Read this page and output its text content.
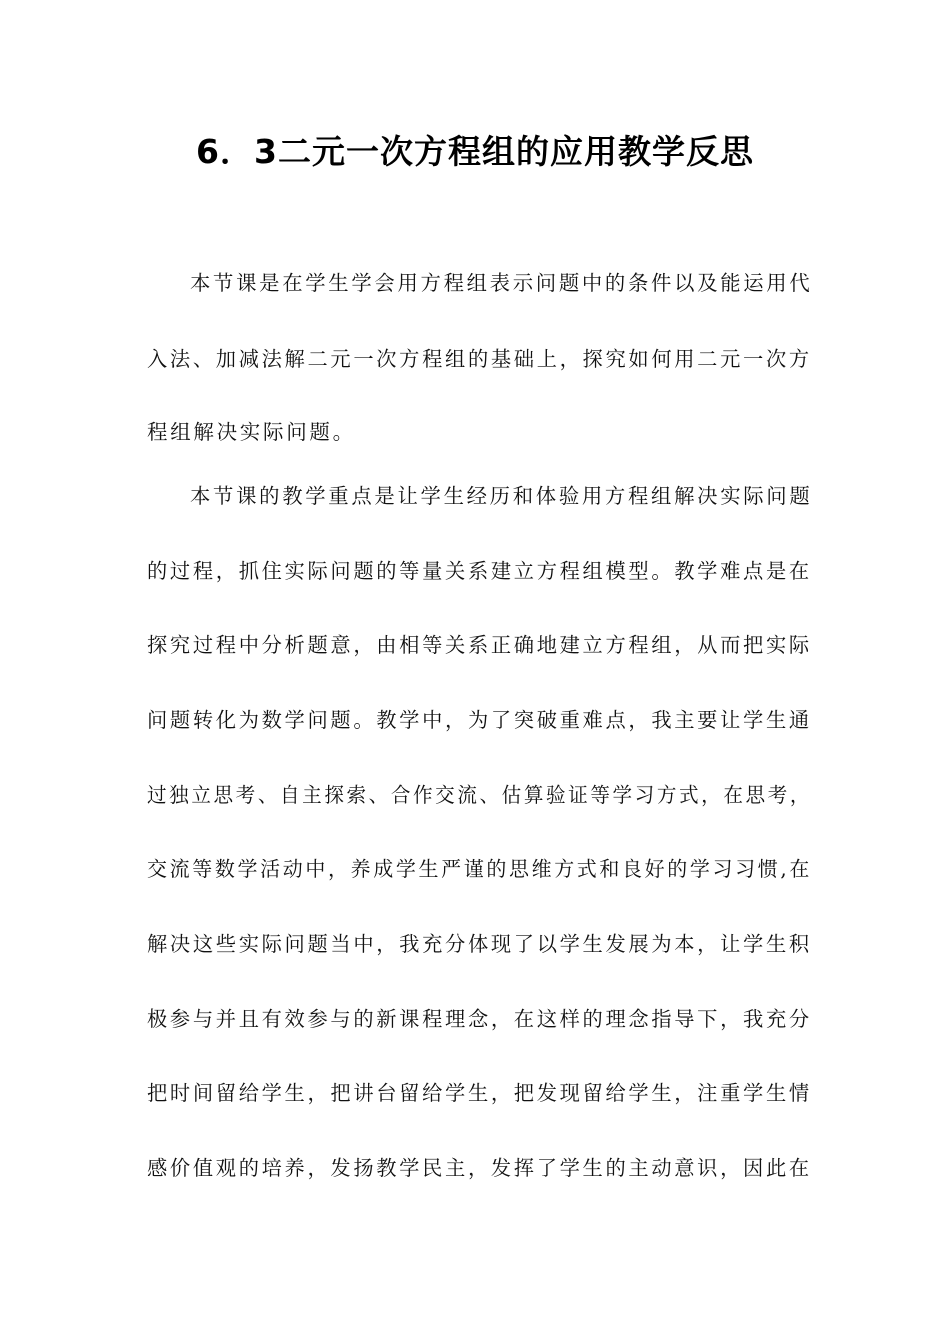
6．3二元一次方程组的应用教学反思
本节课是在学生学会用方程组表示问题中的条件以及能运用代
入法、加减法解二元一次方程组的基础上，探究如何用二元一次方
程组解决实际问题。
本节课的教学重点是让学生经历和体验用方程组解决实际问题
的过程，抓住实际问题的等量关系建立方程组模型。教学难点是在
探究过程中分析题意，由相等关系正确地建立方程组，从而把实际
问题转化为数学问题。教学中，为了突破重难点，我主要让学生通
过独立思考、自主探索、合作交流、估算验证等学习方式，在思考，
交流等数学活动中，养成学生严谨的思维方式和良好的学习习惯,在
解决这些实际问题当中，我充分体现了以学生发展为本，让学生积
极参与并且有效参与的新课程理念，在这样的理念指导下，我充分
把时间留给学生，把讲台留给学生，把发现留给学生，注重学生情
感价值观的培养，发扬教学民主，发挥了学生的主动意识，因此在
